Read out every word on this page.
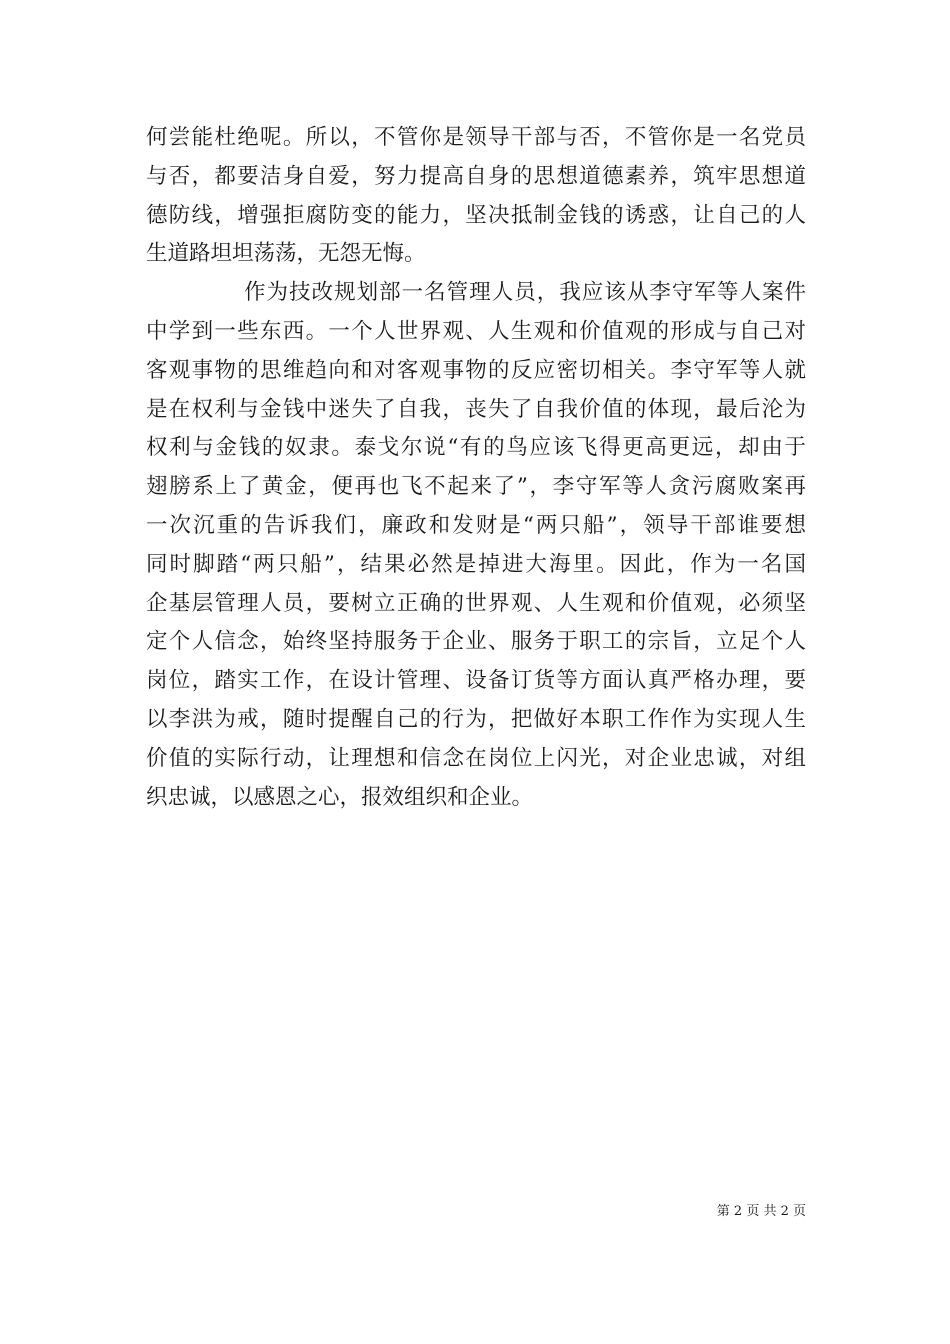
何尝能杜绝呢。所以，不管你是领导干部与否，不管你是一名党员
与否，都要洁身自爱，努力提高自身的思想道德素养，筑牢思想道
德防线，增强拒腐防变的能力，坚决抵制金钱的诱惑，让自己的人
生道路坦坦荡荡，无怨无悔。
作为技改规划部一名管理人员，我应该从李守军等人案件
中学到一些东西。一个人世界观、人生观和价值观的形成与自己对
客观事物的思维趋向和对客观事物的反应密切相关。李守军等人就
是在权利与金钱中迷失了自我，丧失了自我价值的体现，最后沦为
权利与金钱的奴隶。泰戈尔说“有的鸟应该飞得更高更远，却由于
翅膀系上了黄金，便再也飞不起来了”，李守军等人贪污腐败案再
一次沉重的告诉我们，廉政和发财是“两只船”，领导干部谁要想
同时脚踏“两只船”，结果必然是掉进大海里。因此，作为一名国
企基层管理人员，要树立正确的世界观、人生观和价值观，必须坚
定个人信念，始终坚持服务于企业、服务于职工的宗旨，立足个人
岗位，踏实工作，在设计管理、设备订货等方面认真严格办理，要
以李洪为戒，随时提醒自己的行为，把做好本职工作作为实现人生
价值的实际行动，让理想和信念在岗位上闪光，对企业忠诚，对组
织忠诚，以感恩之心，报效组织和企业。
第 2 页 共 2 页
